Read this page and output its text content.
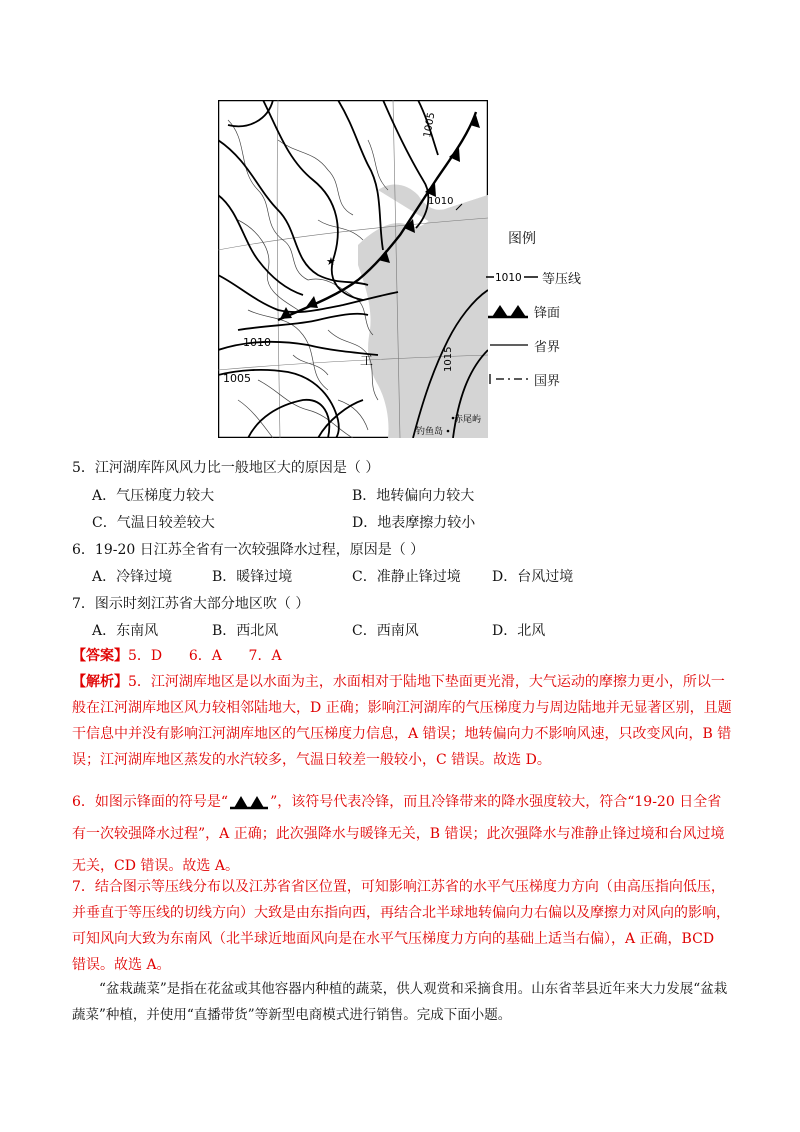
★
工
1005
1010
1010
1005
1015
赤尾屿
钓鱼岛
图例
1010 等压线
锋面
省界
国界
5．江河湖库阵风风力比一般地区大的原因是（ ）
A．气压梯度力较大	B．地转偏向力较大
C．气温日较差较大	D．地表摩擦力较小
6．19-20 日江苏全省有一次较强降水过程，原因是（ ）
A．冷锋过境	B．暖锋过境	C．准静止锋过境 D．台风过境
7．图示时刻江苏省大部分地区吹（ ）
A．东南风	B．西北风	C．西南风	D．北风
【答案】5．D      6．A      7．A
【解析】5．江河湖库地区是以水面为主，水面相对于陆地下垫面更光滑，大气运动的摩擦力更小，所以一般在江河湖库地区风力较相邻陆地大，D 正确；影响江河湖库的气压梯度力与周边陆地并无显著区别，且题干信息中并没有影响江河湖库地区的气压梯度力信息，A 错误；地转偏向力不影响风速，只改变风向，B 错误；江河湖库地区蒸发的水汽较多，气温日较差一般较小，C 错误。故选 D。
6．如图示锋面的符号是“	”，该符号代表冷锋，而且冷锋带来的降水强度较大，符合“19-20 日全省有一次较强降水过程”，A 正确；此次强降水与暖锋无关，B 错误；此次强降水与准静止锋过境和台风过境无关，CD 错误。故选 A。
7．结合图示等压线分布以及江苏省省区位置，可知影响江苏省的水平气压梯度力方向（由高压指向低压，并垂直于等压线的切线方向）大致是由东指向西，再结合北半球地转偏向力右偏以及摩擦力对风向的影响，可知风向大致为东南风（北半球近地面风向是在水平气压梯度力方向的基础上适当右偏），A 正确，BCD 错误。故选 A。
“盆栽蔬菜”是指在花盆或其他容器内种植的蔬菜，供人观赏和采摘食用。山东省莘县近年来大力发展“盆栽蔬菜”种植，并使用“直播带货”等新型电商模式进行销售。完成下面小题。
